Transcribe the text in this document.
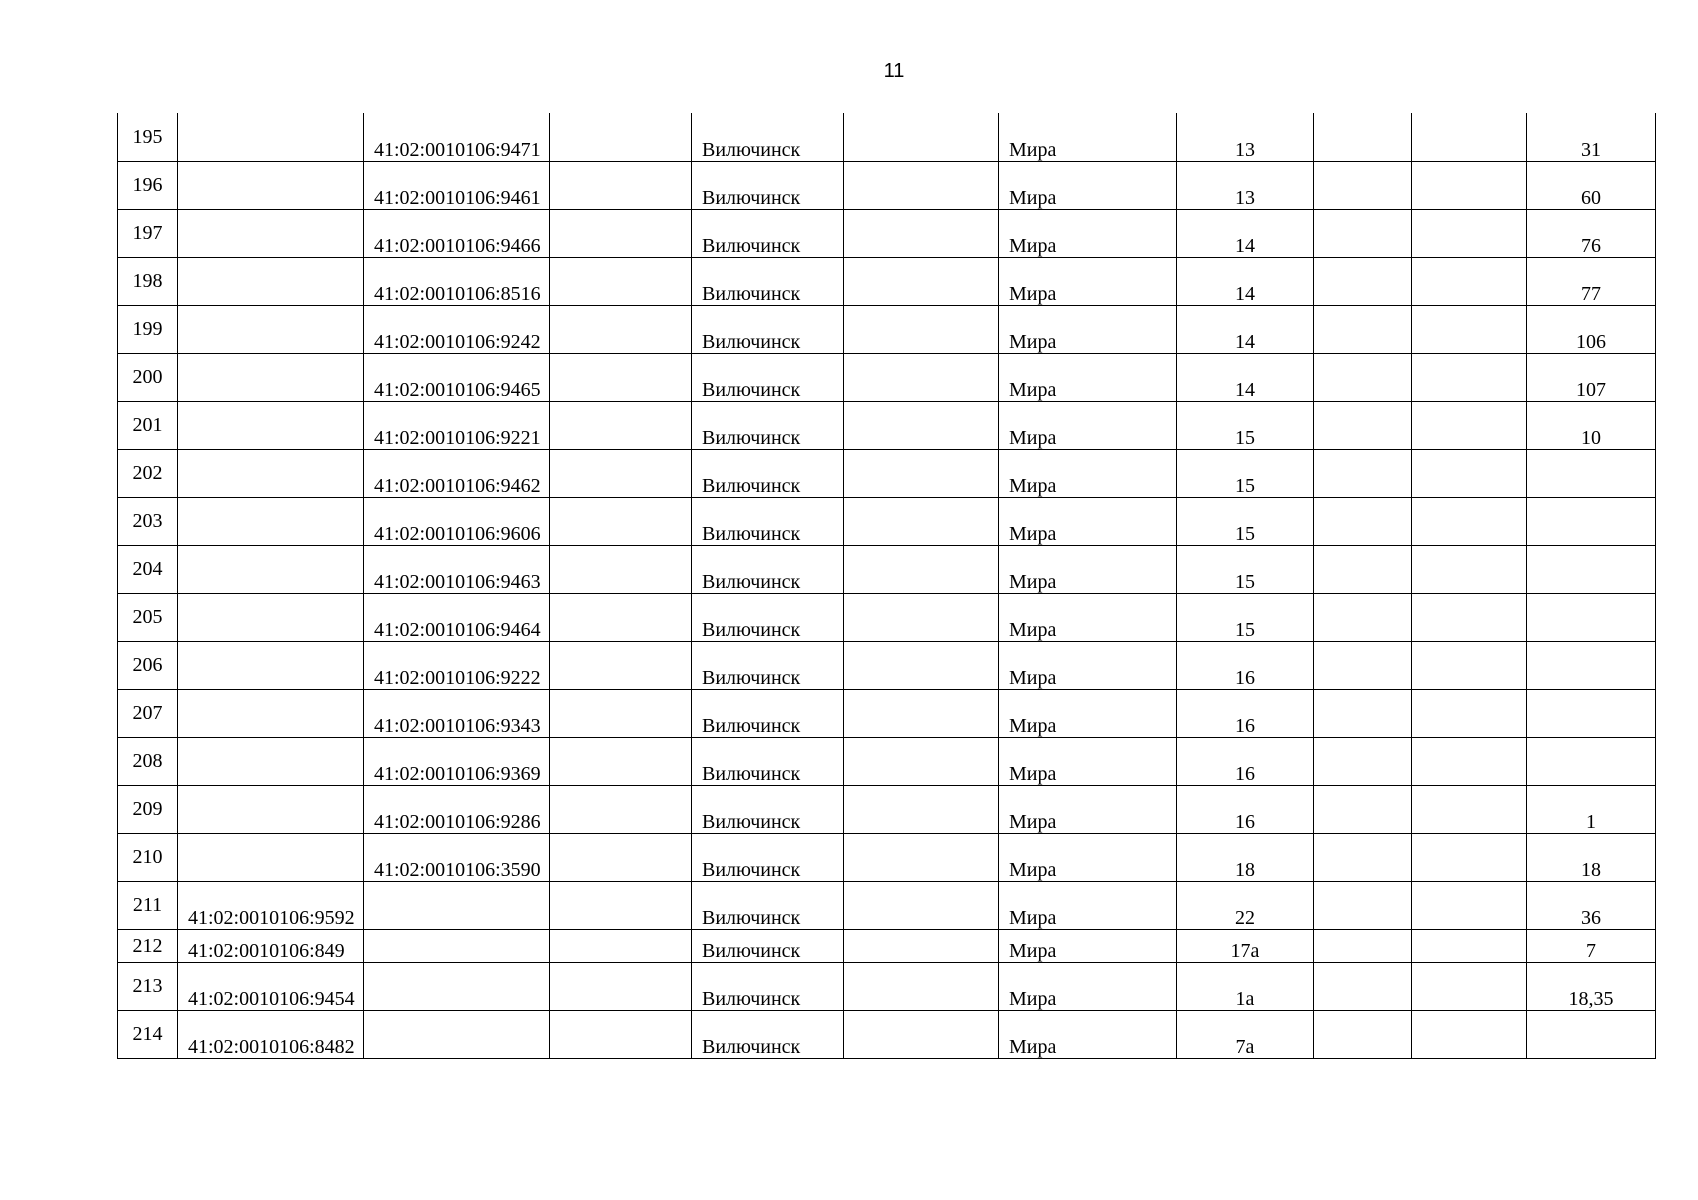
11
195		41:02:0010106:9471		Вилючинск		Мира	13			31
196		41:02:0010106:9461		Вилючинск		Мира	13			60
197		41:02:0010106:9466		Вилючинск		Мира	14			76
198		41:02:0010106:8516		Вилючинск		Мира	14			77
199		41:02:0010106:9242		Вилючинск		Мира	14			106
200		41:02:0010106:9465		Вилючинск		Мира	14			107
201		41:02:0010106:9221		Вилючинск		Мира	15			10
202		41:02:0010106:9462		Вилючинск		Мира	15			
203		41:02:0010106:9606		Вилючинск		Мира	15			
204		41:02:0010106:9463		Вилючинск		Мира	15			
205		41:02:0010106:9464		Вилючинск		Мира	15			
206		41:02:0010106:9222		Вилючинск		Мира	16			
207		41:02:0010106:9343		Вилючинск		Мира	16			
208		41:02:0010106:9369		Вилючинск		Мира	16			
209		41:02:0010106:9286		Вилючинск		Мира	16			1
210		41:02:0010106:3590		Вилючинск		Мира	18			18
211	41:02:0010106:9592			Вилючинск		Мира	22			36
212	41:02:0010106:849			Вилючинск		Мира	17а			7
213	41:02:0010106:9454			Вилючинск		Мира	1а			18,35
214	41:02:0010106:8482			Вилючинск		Мира	7а			
